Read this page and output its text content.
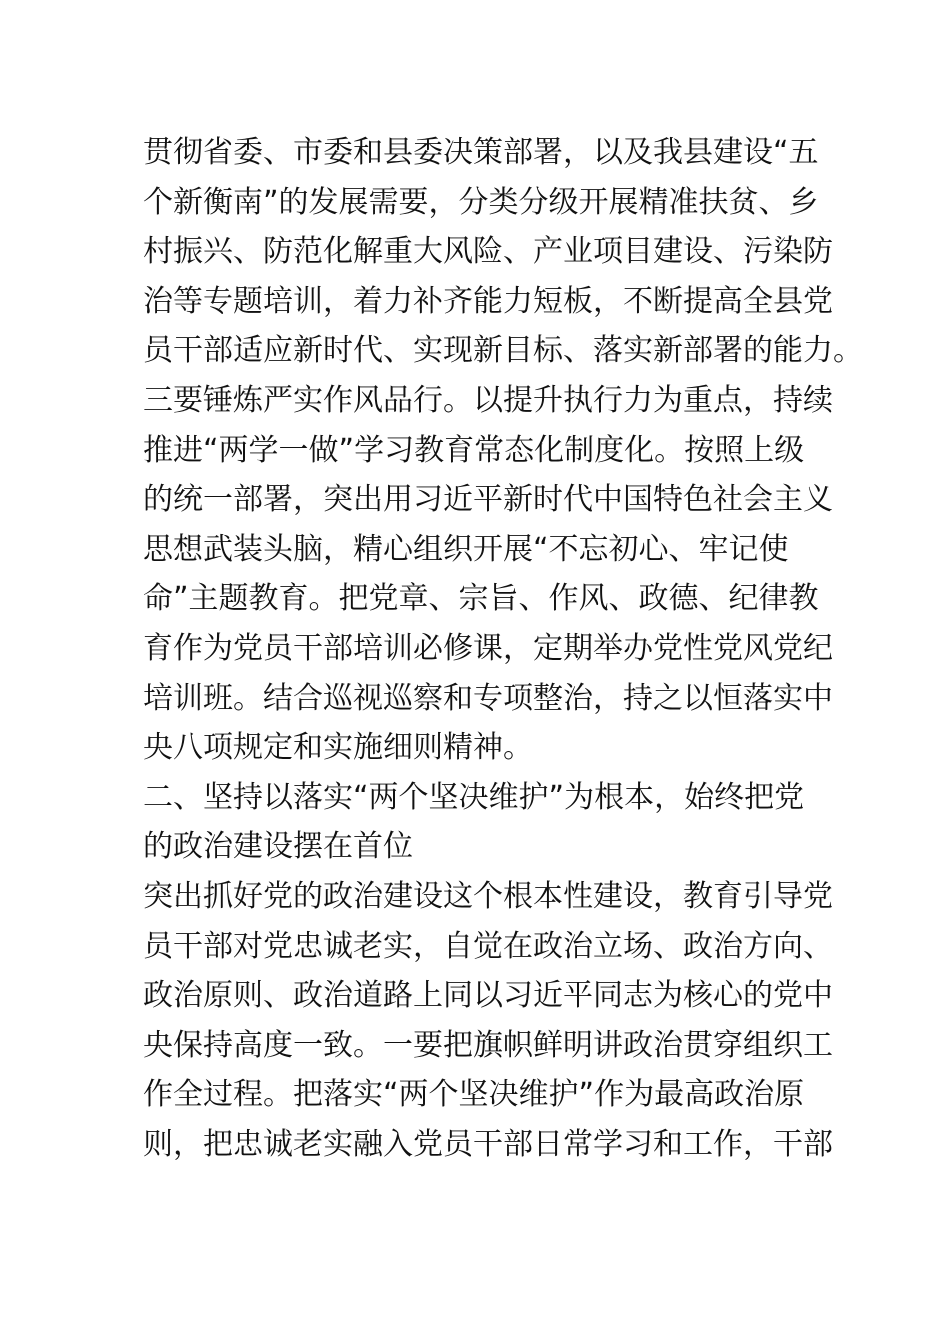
贯彻省委、市委和县委决策部署，以及我县建设“五

个新衡南”的发展需要，分类分级开展精准扶贫、乡

村振兴、防范化解重大风险、产业项目建设、污染防

治等专题培训，着力补齐能力短板，不断提高全县党

员干部适应新时代、实现新目标、落实新部署的能力。

三要锤炼严实作风品行。以提升执行力为重点，持续

推进“两学一做”学习教育常态化制度化。按照上级

的统一部署，突出用习近平新时代中国特色社会主义

思想武装头脑，精心组织开展“不忘初心、牢记使

命”主题教育。把党章、宗旨、作风、政德、纪律教

育作为党员干部培训必修课，定期举办党性党风党纪

培训班。结合巡视巡察和专项整治，持之以恒落实中

央八项规定和实施细则精神。

二、坚持以落实“两个坚决维护”为根本，始终把党

的政治建设摆在首位

突出抓好党的政治建设这个根本性建设，教育引导党

员干部对党忠诚老实，自觉在政治立场、政治方向、

政治原则、政治道路上同以习近平同志为核心的党中

央保持高度一致。一要把旗帜鲜明讲政治贯穿组织工

作全过程。把落实“两个坚决维护”作为最高政治原

则，把忠诚老实融入党员干部日常学习和工作，干部
